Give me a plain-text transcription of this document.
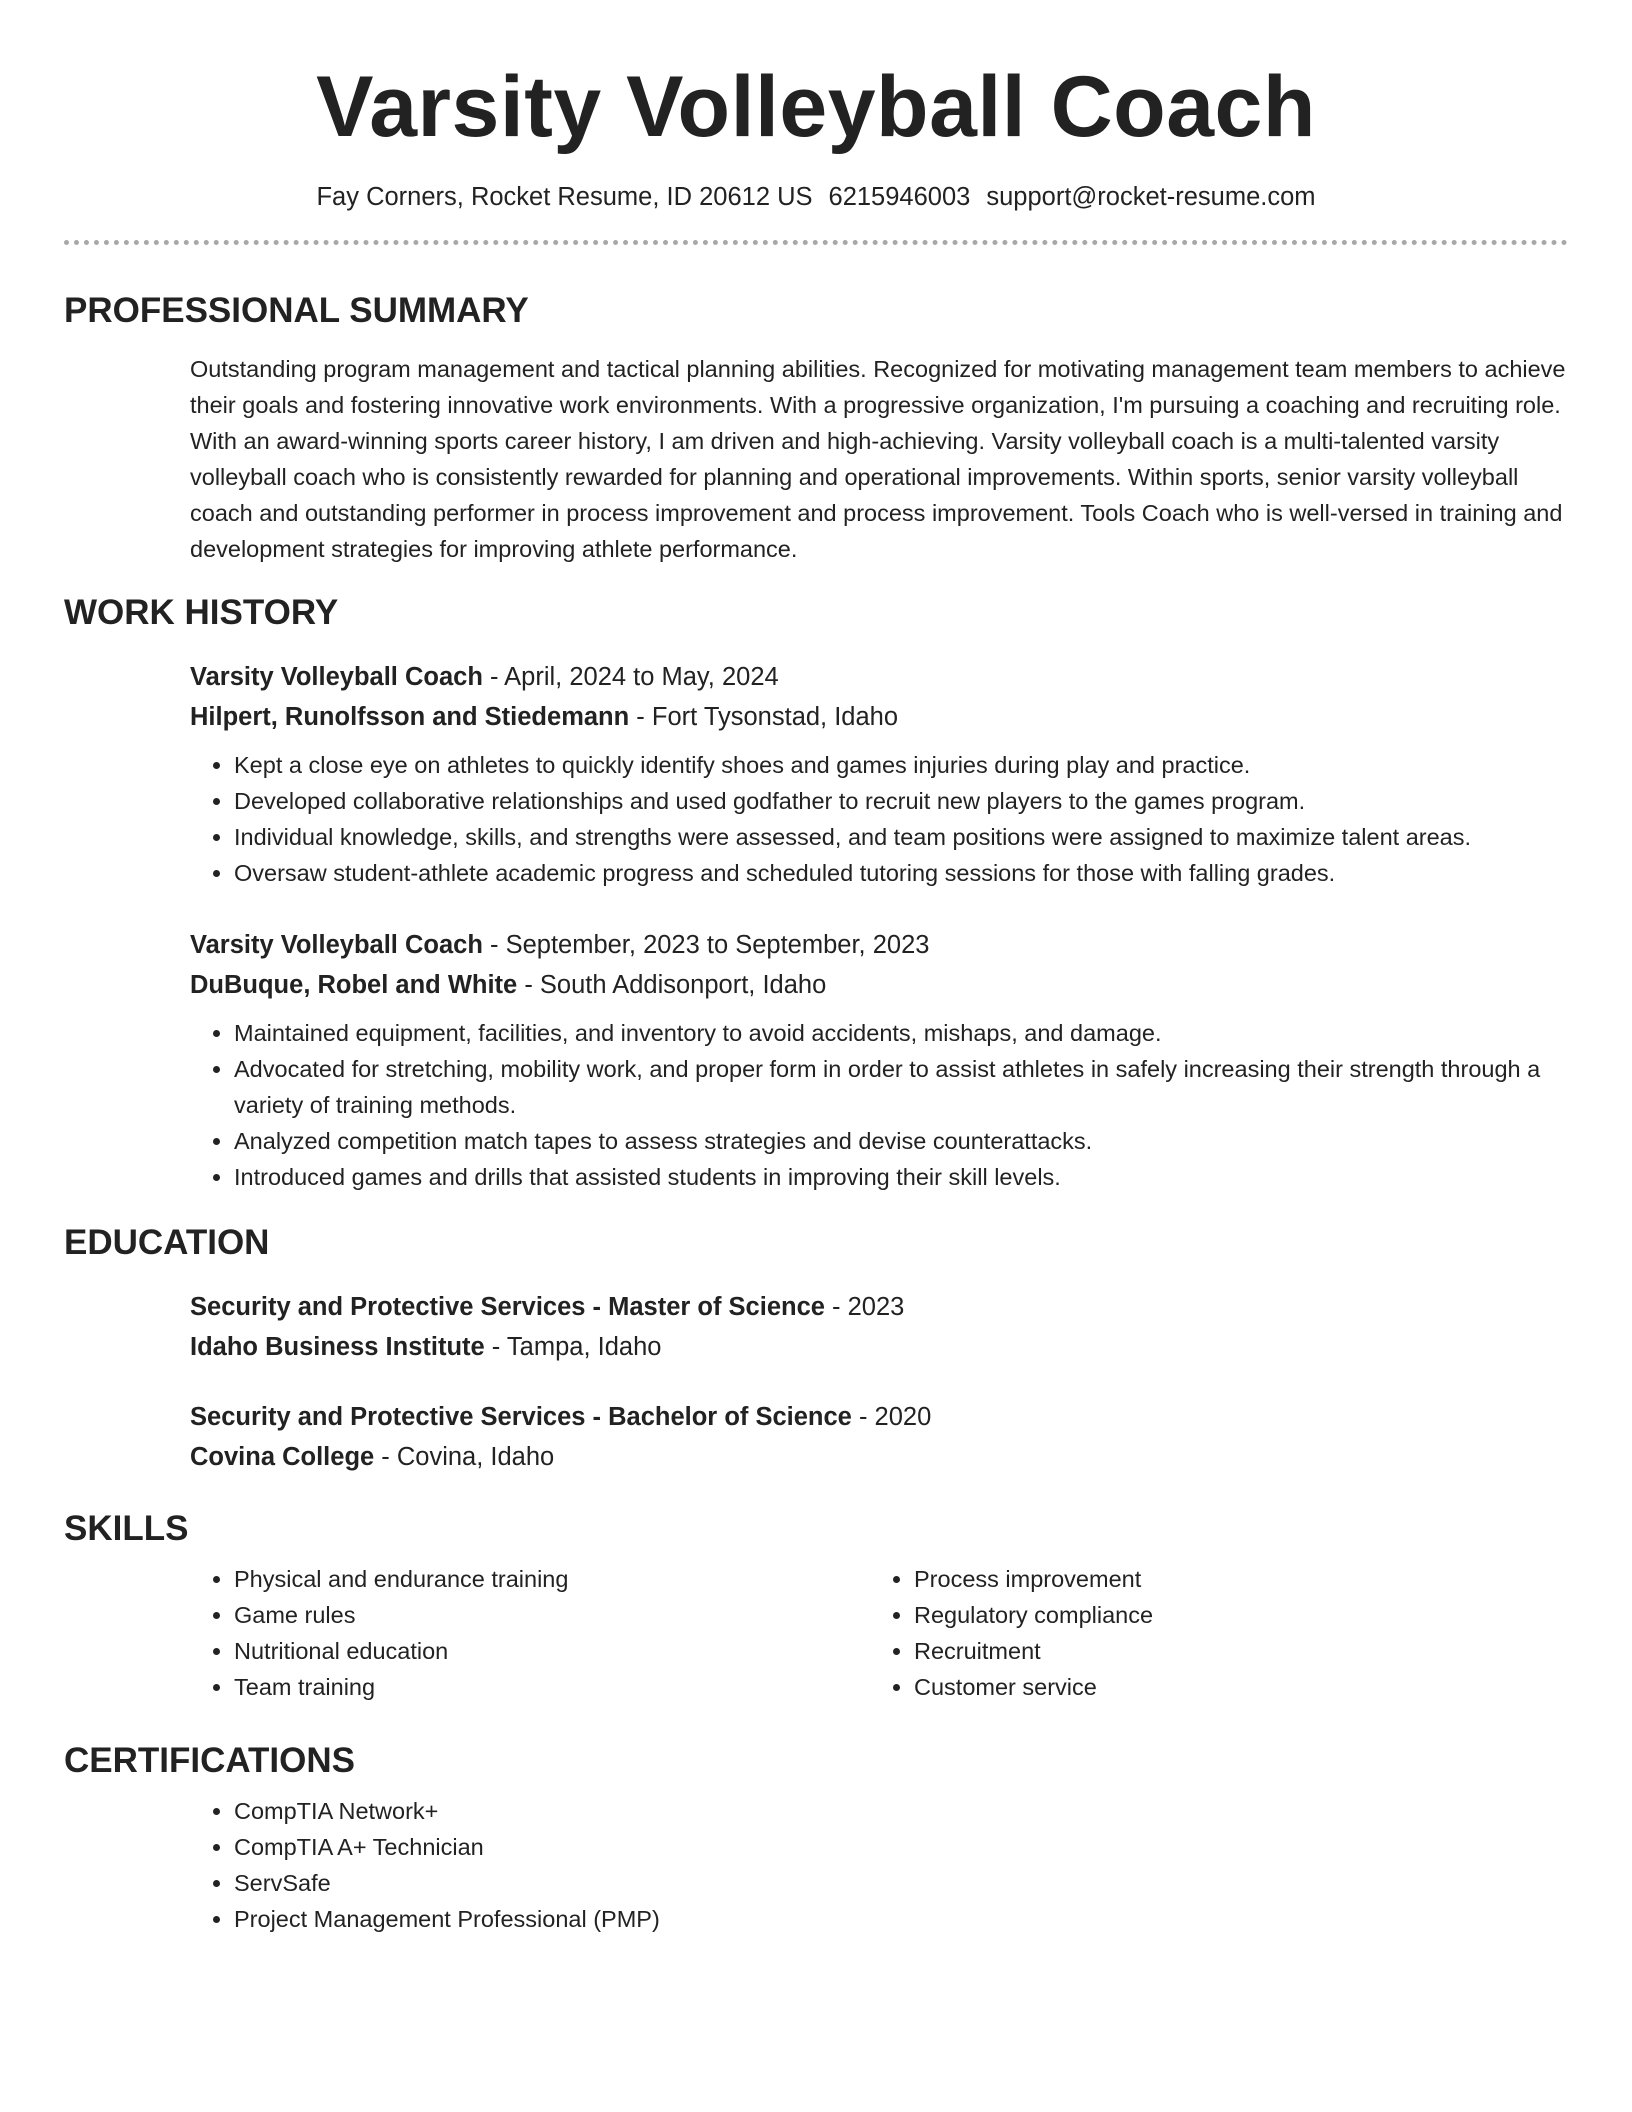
Varsity Volleyball Coach
Fay Corners, Rocket Resume, ID 20612 US 6215946003 support@rocket-resume.com
PROFESSIONAL SUMMARY

Outstanding program management and tactical planning abilities. Recognized for motivating management team members to achieve their goals and fostering innovative work environments. With a progressive organization, I'm pursuing a coaching and recruiting role. With an award-winning sports career history, I am driven and high-achieving. Varsity volleyball coach is a multi-talented varsity volleyball coach who is consistently rewarded for planning and operational improvements. Within sports, senior varsity volleyball coach and outstanding performer in process improvement and process improvement. Tools Coach who is well-versed in training and development strategies for improving athlete performance.

WORK HISTORY
Varsity Volleyball Coach - April, 2024 to May, 2024
Hilpert, Runolfsson and Stiedemann - Fort Tysonstad, Idaho
• Kept a close eye on athletes to quickly identify shoes and games injuries during play and practice.
• Developed collaborative relationships and used godfather to recruit new players to the games program.
• Individual knowledge, skills, and strengths were assessed, and team positions were assigned to maximize talent areas.
• Oversaw student-athlete academic progress and scheduled tutoring sessions for those with falling grades.
Varsity Volleyball Coach - September, 2023 to September, 2023
DuBuque, Robel and White - South Addisonport, Idaho
• Maintained equipment, facilities, and inventory to avoid accidents, mishaps, and damage.
• Advocated for stretching, mobility work, and proper form in order to assist athletes in safely increasing their strength through a variety of training methods.
• Analyzed competition match tapes to assess strategies and devise counterattacks.
• Introduced games and drills that assisted students in improving their skill levels.
EDUCATION
Security and Protective Services - Master of Science - 2023
Idaho Business Institute - Tampa, Idaho
Security and Protective Services - Bachelor of Science - 2020
Covina College - Covina, Idaho
SKILLS
• Physical and endurance training
• Game rules
• Nutritional education
• Team training
• Process improvement
• Regulatory compliance
• Recruitment
• Customer service
CERTIFICATIONS
• CompTIA Network+
• CompTIA A+ Technician
• ServSafe
• Project Management Professional (PMP)
